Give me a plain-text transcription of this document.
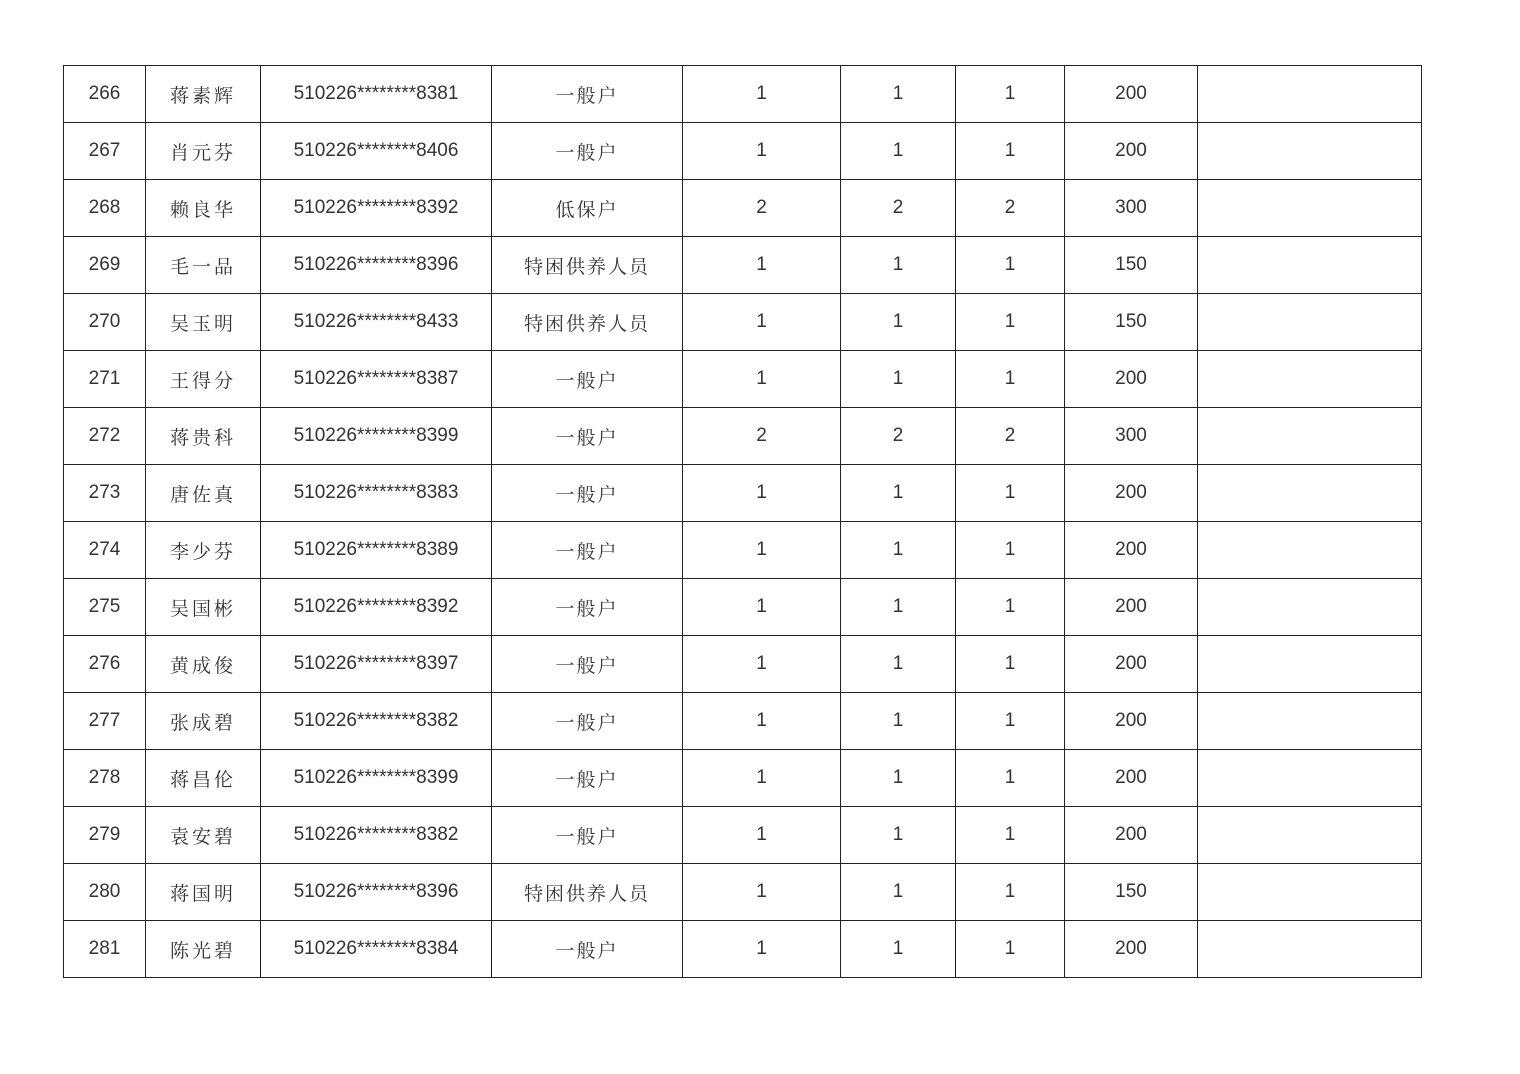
266	蒋素辉	510226********8381	一般户	1	1	1	200	
267	肖元芬	510226********8406	一般户	1	1	1	200	
268	赖良华	510226********8392	低保户	2	2	2	300	
269	毛一品	510226********8396	特困供养人员	1	1	1	150	
270	吴玉明	510226********8433	特困供养人员	1	1	1	150	
271	王得分	510226********8387	一般户	1	1	1	200	
272	蒋贵科	510226********8399	一般户	2	2	2	300	
273	唐佐真	510226********8383	一般户	1	1	1	200	
274	李少芬	510226********8389	一般户	1	1	1	200	
275	吴国彬	510226********8392	一般户	1	1	1	200	
276	黄成俊	510226********8397	一般户	1	1	1	200	
277	张成碧	510226********8382	一般户	1	1	1	200	
278	蒋昌伦	510226********8399	一般户	1	1	1	200	
279	袁安碧	510226********8382	一般户	1	1	1	200	
280	蒋国明	510226********8396	特困供养人员	1	1	1	150	
281	陈光碧	510226********8384	一般户	1	1	1	200	
